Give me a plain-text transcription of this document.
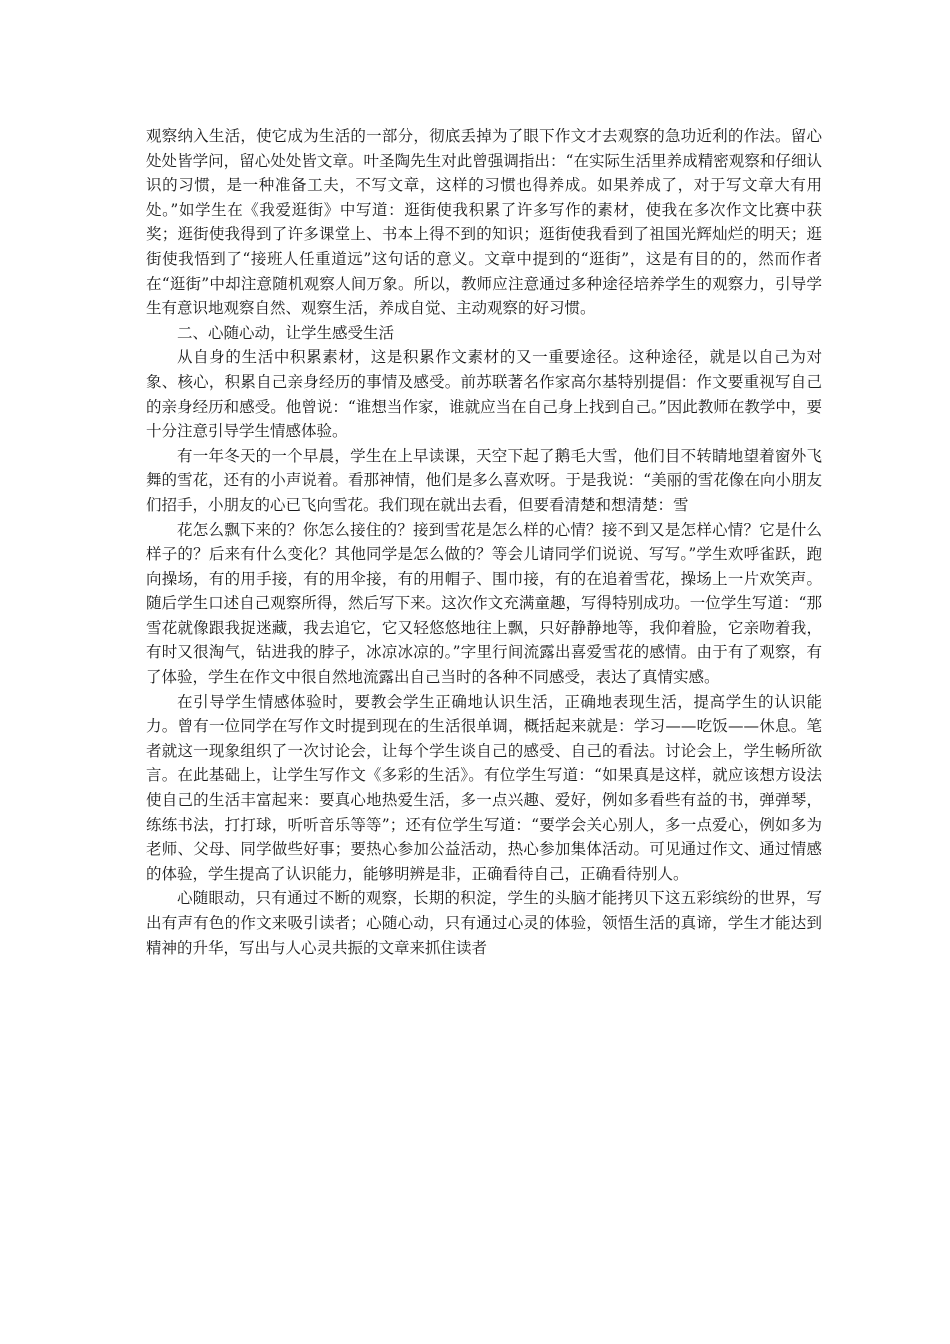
观察纳入生活，使它成为生活的一部分，彻底丢掉为了眼下作文才去观察的急功近利的作法。留心处处皆学问，留心处处皆文章。叶圣陶先生对此曾强调指出：“在实际生活里养成精密观察和仔细认识的习惯，是一种准备工夫，不写文章，这样的习惯也得养成。如果养成了，对于写文章大有用处。”如学生在《我爱逛街》中写道：逛街使我积累了许多写作的素材，使我在多次作文比赛中获奖；逛街使我得到了许多课堂上、书本上得不到的知识；逛街使我看到了祖国光辉灿烂的明天；逛街使我悟到了“接班人任重道远”这句话的意义。文章中提到的“逛街”，这是有目的的，然而作者在“逛街”中却注意随机观察人间万象。所以，教师应注意通过多种途径培养学生的观察力，引导学生有意识地观察自然、观察生活，养成自觉、主动观察的好习惯。

二、心随心动，让学生感受生活

从自身的生活中积累素材，这是积累作文素材的又一重要途径。这种途径，就是以自己为对象、核心，积累自己亲身经历的事情及感受。前苏联著名作家高尔基特别提倡：作文要重视写自己的亲身经历和感受。他曾说：“谁想当作家，谁就应当在自己身上找到自己。”因此教师在教学中，要十分注意引导学生情感体验。

有一年冬天的一个早晨，学生在上早读课，天空下起了鹅毛大雪，他们目不转睛地望着窗外飞舞的雪花，还有的小声说着。看那神情，他们是多么喜欢呀。于是我说：“美丽的雪花像在向小朋友们招手，小朋友的心已飞向雪花。我们现在就出去看，但要看清楚和想清楚：雪

花怎么飘下来的？你怎么接住的？接到雪花是怎么样的心情？接不到又是怎样心情？它是什么样子的？后来有什么变化？其他同学是怎么做的？等会儿请同学们说说、写写。”学生欢呼雀跃，跑向操场，有的用手接，有的用伞接，有的用帽子、围巾接，有的在追着雪花，操场上一片欢笑声。随后学生口述自己观察所得，然后写下来。这次作文充满童趣，写得特别成功。一位学生写道：“那雪花就像跟我捉迷藏，我去追它，它又轻悠悠地往上飘，只好静静地等，我仰着脸，它亲吻着我，有时又很淘气，钻进我的脖子，冰凉冰凉的。”字里行间流露出喜爱雪花的感情。由于有了观察，有了体验，学生在作文中很自然地流露出自己当时的各种不同感受，表达了真情实感。

在引导学生情感体验时，要教会学生正确地认识生活，正确地表现生活，提高学生的认识能力。曾有一位同学在写作文时提到现在的生活很单调，概括起来就是：学习——吃饭——休息。笔者就这一现象组织了一次讨论会，让每个学生谈自己的感受、自己的看法。讨论会上，学生畅所欲言。在此基础上，让学生写作文《多彩的生活》。有位学生写道：“如果真是这样，就应该想方设法使自己的生活丰富起来：要真心地热爱生活，多一点兴趣、爱好，例如多看些有益的书，弹弹琴，练练书法，打打球，听听音乐等等”；还有位学生写道：“要学会关心别人，多一点爱心，例如多为老师、父母、同学做些好事；要热心参加公益活动，热心参加集体活动。可见通过作文、通过情感的体验，学生提高了认识能力，能够明辨是非，正确看待自己，正确看待别人。

心随眼动，只有通过不断的观察，长期的积淀，学生的头脑才能拷贝下这五彩缤纷的世界，写出有声有色的作文来吸引读者；心随心动，只有通过心灵的体验，领悟生活的真谛，学生才能达到精神的升华，写出与人心灵共振的文章来抓住读者
